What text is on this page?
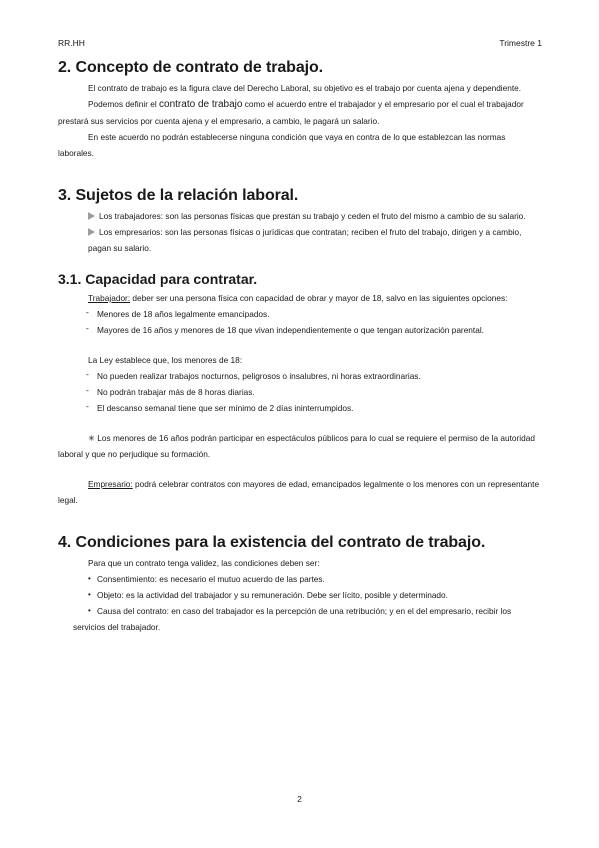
RR.HH	Trimestre 1
2. Concepto de contrato de trabajo.

El contrato de trabajo es la figura clave del Derecho Laboral, su objetivo es el trabajo por cuenta ajena y dependiente.

Podemos definir el contrato de trabajo como el acuerdo entre el trabajador y el empresario por el cual el trabajador prestará sus servicios por cuenta ajena y el empresario, a cambio, le pagará un salario.

En este acuerdo no podrán establecerse ninguna condición que vaya en contra de lo que establezcan las normas laborales.

3. Sujetos de la relación laboral.

Los trabajadores: son las personas físicas que prestan su trabajo y ceden el fruto del mismo a cambio de su salario.

Los empresarios: son las personas físicas o jurídicas que contratan; reciben el fruto del trabajo, dirigen y a cambio, pagan su salario.

3.1. Capacidad para contratar.

Trabajador: deber ser una persona física con capacidad de obrar y mayor de 18, salvo en las siguientes opciones:

˗ Menores de 18 años legalmente emancipados.
˗ Mayores de 16 años y menores de 18 que vivan independientemente o que tengan autorización parental.

La Ley establece que, los menores de 18:

˗ No pueden realizar trabajos nocturnos, peligrosos o insalubres, ni horas extraordinarias.
˗ No podrán trabajar más de 8 horas diarias.
˗ El descanso semanal tiene que ser mínimo de 2 días ininterrumpidos.

✳ Los menores de 16 años podrán participar en espectáculos públicos para lo cual se requiere el permiso de la autoridad laboral y que no perjudique su formación.

Empresario: podrá celebrar contratos con mayores de edad, emancipados legalmente o los menores con un representante legal.

4. Condiciones para la existencia del contrato de trabajo.

Para que un contrato tenga validez, las condiciones deben ser:

• Consentimiento: es necesario el mutuo acuerdo de las partes.
• Objeto: es la actividad del trabajador y su remuneración. Debe ser lícito, posible y determinado.
• Causa del contrato: en caso del trabajador es la percepción de una retribución; y en el del empresario, recibir los servicios del trabajador.
2
